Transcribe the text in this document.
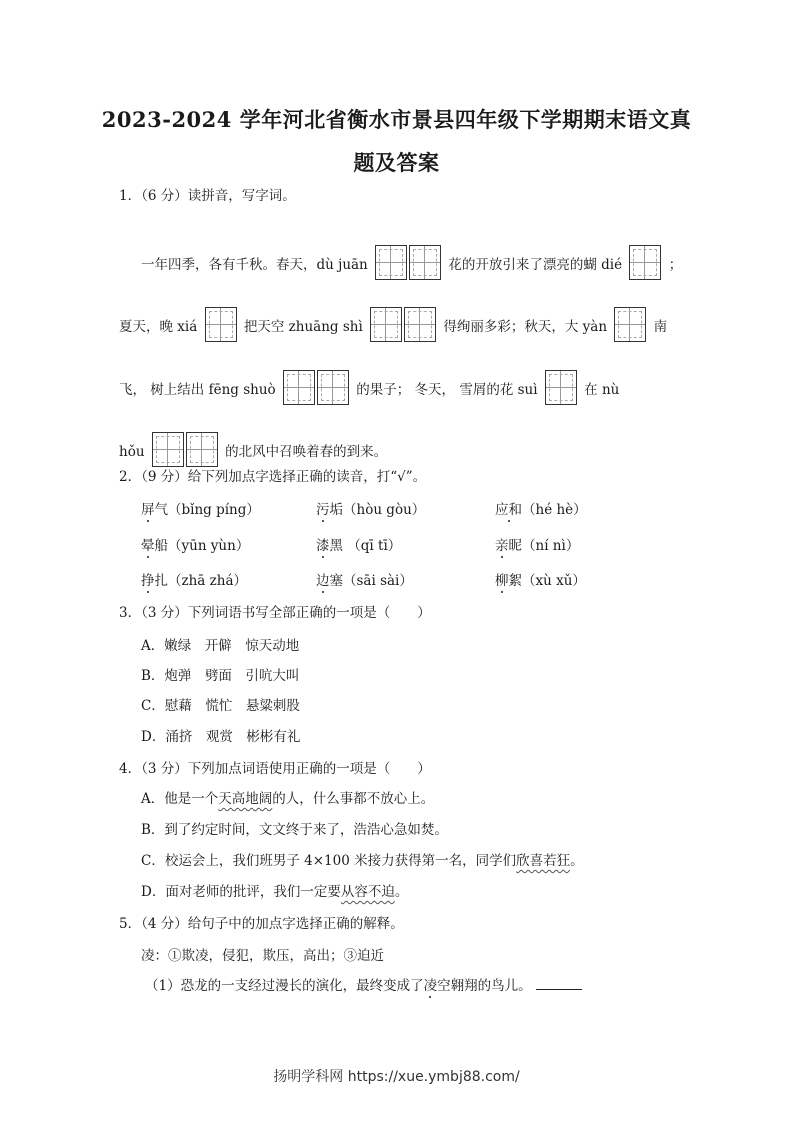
2023-2024 学年河北省衡水市景县四年级下学期期末语文真
题及答案
1．（6 分）读拼音，写字词。
一年四季，各有千秋。春天，dù juān	花的开放引来了漂亮的蝴 dié	；
夏天，晚 xiá	把天空 zhuāng shì	得绚丽多彩；秋天，大 yàn	南
飞， 树上结出 fēng shuò	的果子； 冬天， 雪屑的花 suì	在 nù
hǒu	的北风中召唤着春的到来。
2．（9 分）给下列加点字选择正确的读音，打“√”。
屏气（bǐng píng）	污垢（hòu gòu）	应和（hé hè）
晕船（yūn yùn）	漆黑 （qī tī）	亲昵（ní nì）
挣扎（zhā zhá）	边塞（sāi sài）	柳絮（xù xǔ）
3．（3 分）下列词语书写全部正确的一项是（　　）
A．嫩绿　开僻　惊天动地
B．炮弹　劈面　引吭大叫
C．慰藉　慌忙　悬粱刺股
D．涌挤　观赏　彬彬有礼
4．（3 分）下列加点词语使用正确的一项是（　　）
A．他是一个天高地阔的人，什么事都不放心上。
B．到了约定时间，文文终于来了，浩浩心急如焚。
C．校运会上，我们班男子 4×100 米接力获得第一名，同学们欣喜若狂。
D．面对老师的批评，我们一定要从容不迫。
5．（4 分）给句子中的加点字选择正确的解释。
凌：①欺凌，侵犯，欺压，高出；③迫近
（1）恐龙的一支经过漫长的演化，最终变成了凌空翱翔的鸟儿。
扬明学科网 https://xue.ymbj88.com/
